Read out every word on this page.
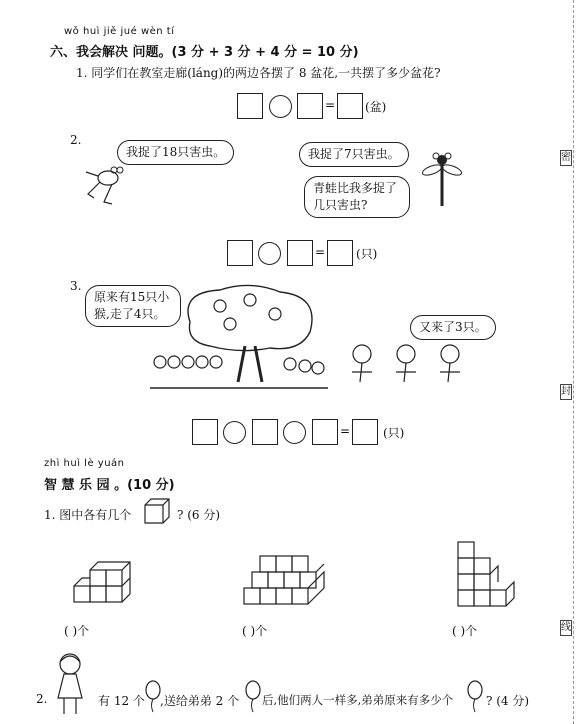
wǒ huì jiě jué wèn tí
六、我会解决 问题。(3 分 + 3 分 + 4 分 = 10 分)
1. 同学们在教室走廊(láng)的两边各摆了 8 盆花,一共摆了多少盆花?
= (盆)
2.
我捉了18只害虫。	我捉了7只害虫。
青蛙比我多捉了几只害虫?
=	(只)
3.
原来有15只小猴,走了4只。
又来了3只。
=	(只)
zhì huì lè yuán
智 慧 乐 园 。(10 分)
1. 图中各有几个	? (6 分)
( )个	( )个	( )个
2.	有 12 个 ,送给弟弟 2 个 后,他们两人一样多,弟弟原来有多少个	? (4 分)
密
封
线
